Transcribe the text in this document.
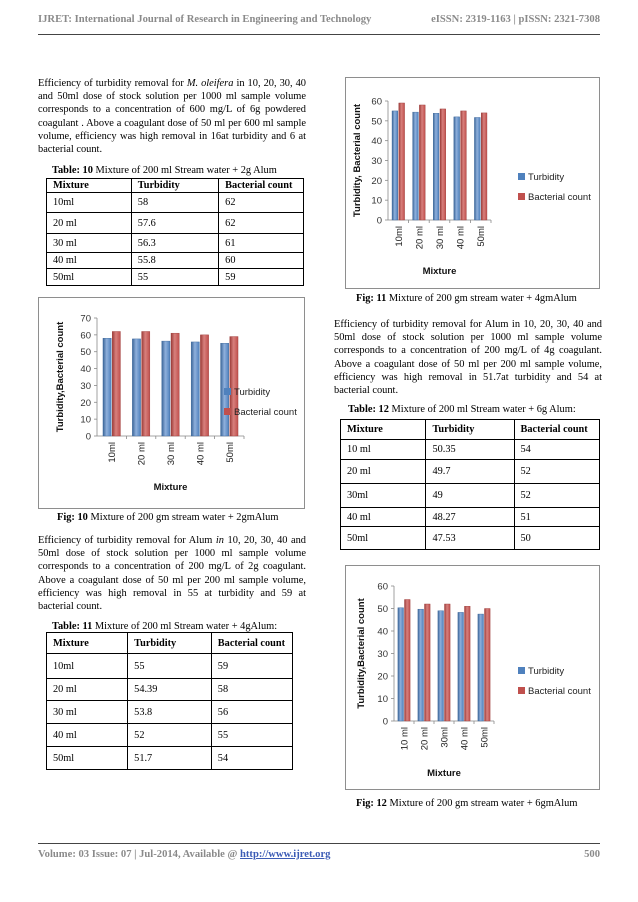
IJRET: International Journal of Research in Engineering and Technology	eISSN: 2319-1163 | pISSN: 2321-7308

Efficiency of turbidity removal for M. oleifera in 10, 20, 30, 40 and 50ml dose of stock solution per 1000 ml sample volume corresponds to a concentration of 600 mg/L of 6g powdered coagulant . Above a coagulant dose of 50 ml per 600 ml sample volume, efficiency was high removal in 16at turbidity and 6 at bacterial count.

Table: 10 Mixture of 200 ml Stream water + 2g Alum
Mixture	Turbidity	Bacterial count
10ml	58	62
20 ml	57.6	62
30 ml	56.3	61
40 ml	55.8	60
50ml	55	59
0
10
20
30
40
50
60
70
10ml 20 ml 30 ml 40 ml 50ml
Mixture
Turbidity,Bacterial count	Turbidity
Bacterial count
Fig: 10 Mixture of 200 gm stream water + 2gmAlum

Efficiency of turbidity removal for Alum in 10, 20, 30, 40 and 50ml dose of stock solution per 1000 ml sample volume corresponds to a concentration of 200 mg/L of 2g coagulant. Above a coagulant dose of 50 ml per 200 ml sample volume, efficiency was high removal in 55 at turbidity and 59 at bacterial count.

Table: 11 Mixture of 200 ml Stream water + 4gAlum:
Mixture	Turbidity	Bacterial count
10ml	55	59
20 ml	54.39	58
30 ml	53.8	56
40 ml	52	55
50ml	51.7	54
0
10
20
30
40
50
60
10ml 20 ml 30 ml 40 ml 50ml
Mixture
Turbidity, Bacterial count	Turbidity
Bacterial count
Fig: 11 Mixture of 200 gm stream water + 4gmAlum

Efficiency of turbidity removal for Alum in 10, 20, 30, 40 and 50ml dose of stock solution per 1000 ml sample volume corresponds to a concentration of 200 mg/L of 4g coagulant. Above a coagulant dose of 50 ml per 200 ml sample volume, efficiency was high removal in 51.7at turbidity and 54 at bacterial count.

Table: 12 Mixture of 200 ml Stream water + 6g Alum:
Mixture	Turbidity	Bacterial count
10 ml	50.35	54
20 ml	49.7	52
30ml	49	52
40 ml	48.27	51
50ml	47.53	50
0
10
20
30
40
50
60
10 ml 20 ml 30ml 40 ml 50ml
Mixture
Turbidity,Bacterial count	Turbidity
Bacterial count
Fig: 12 Mixture of 200 gm stream water + 6gmAlum
Volume: 03 Issue: 07 | Jul-2014, Available @ http://www.ijret.org	500
